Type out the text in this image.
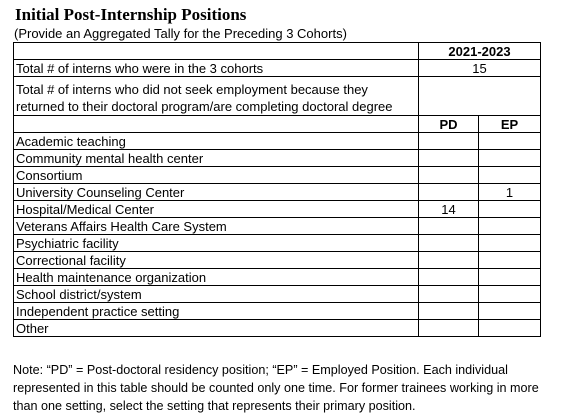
Initial Post-Internship Positions
(Provide an Aggregated Tally for the Preceding 3 Cohorts)
	2021-2023	
Total # of interns who were in the 3 cohorts	15	
Total # of interns who did not seek employment because they returned to their doctoral program/are completing doctoral degree		
	PD	EP
Academic teaching		
Community mental health center		
Consortium		
University Counseling Center		1
Hospital/Medical Center	14	
Veterans Affairs Health Care System		
Psychiatric facility		
Correctional facility		
Health maintenance organization		
School district/system		
Independent practice setting		
Other		
Note: “PD” = Post-doctoral residency position; “EP” = Employed Position. Each individual represented in this table should be counted only one time. For former trainees working in more than one setting, select the setting that represents their primary position.
